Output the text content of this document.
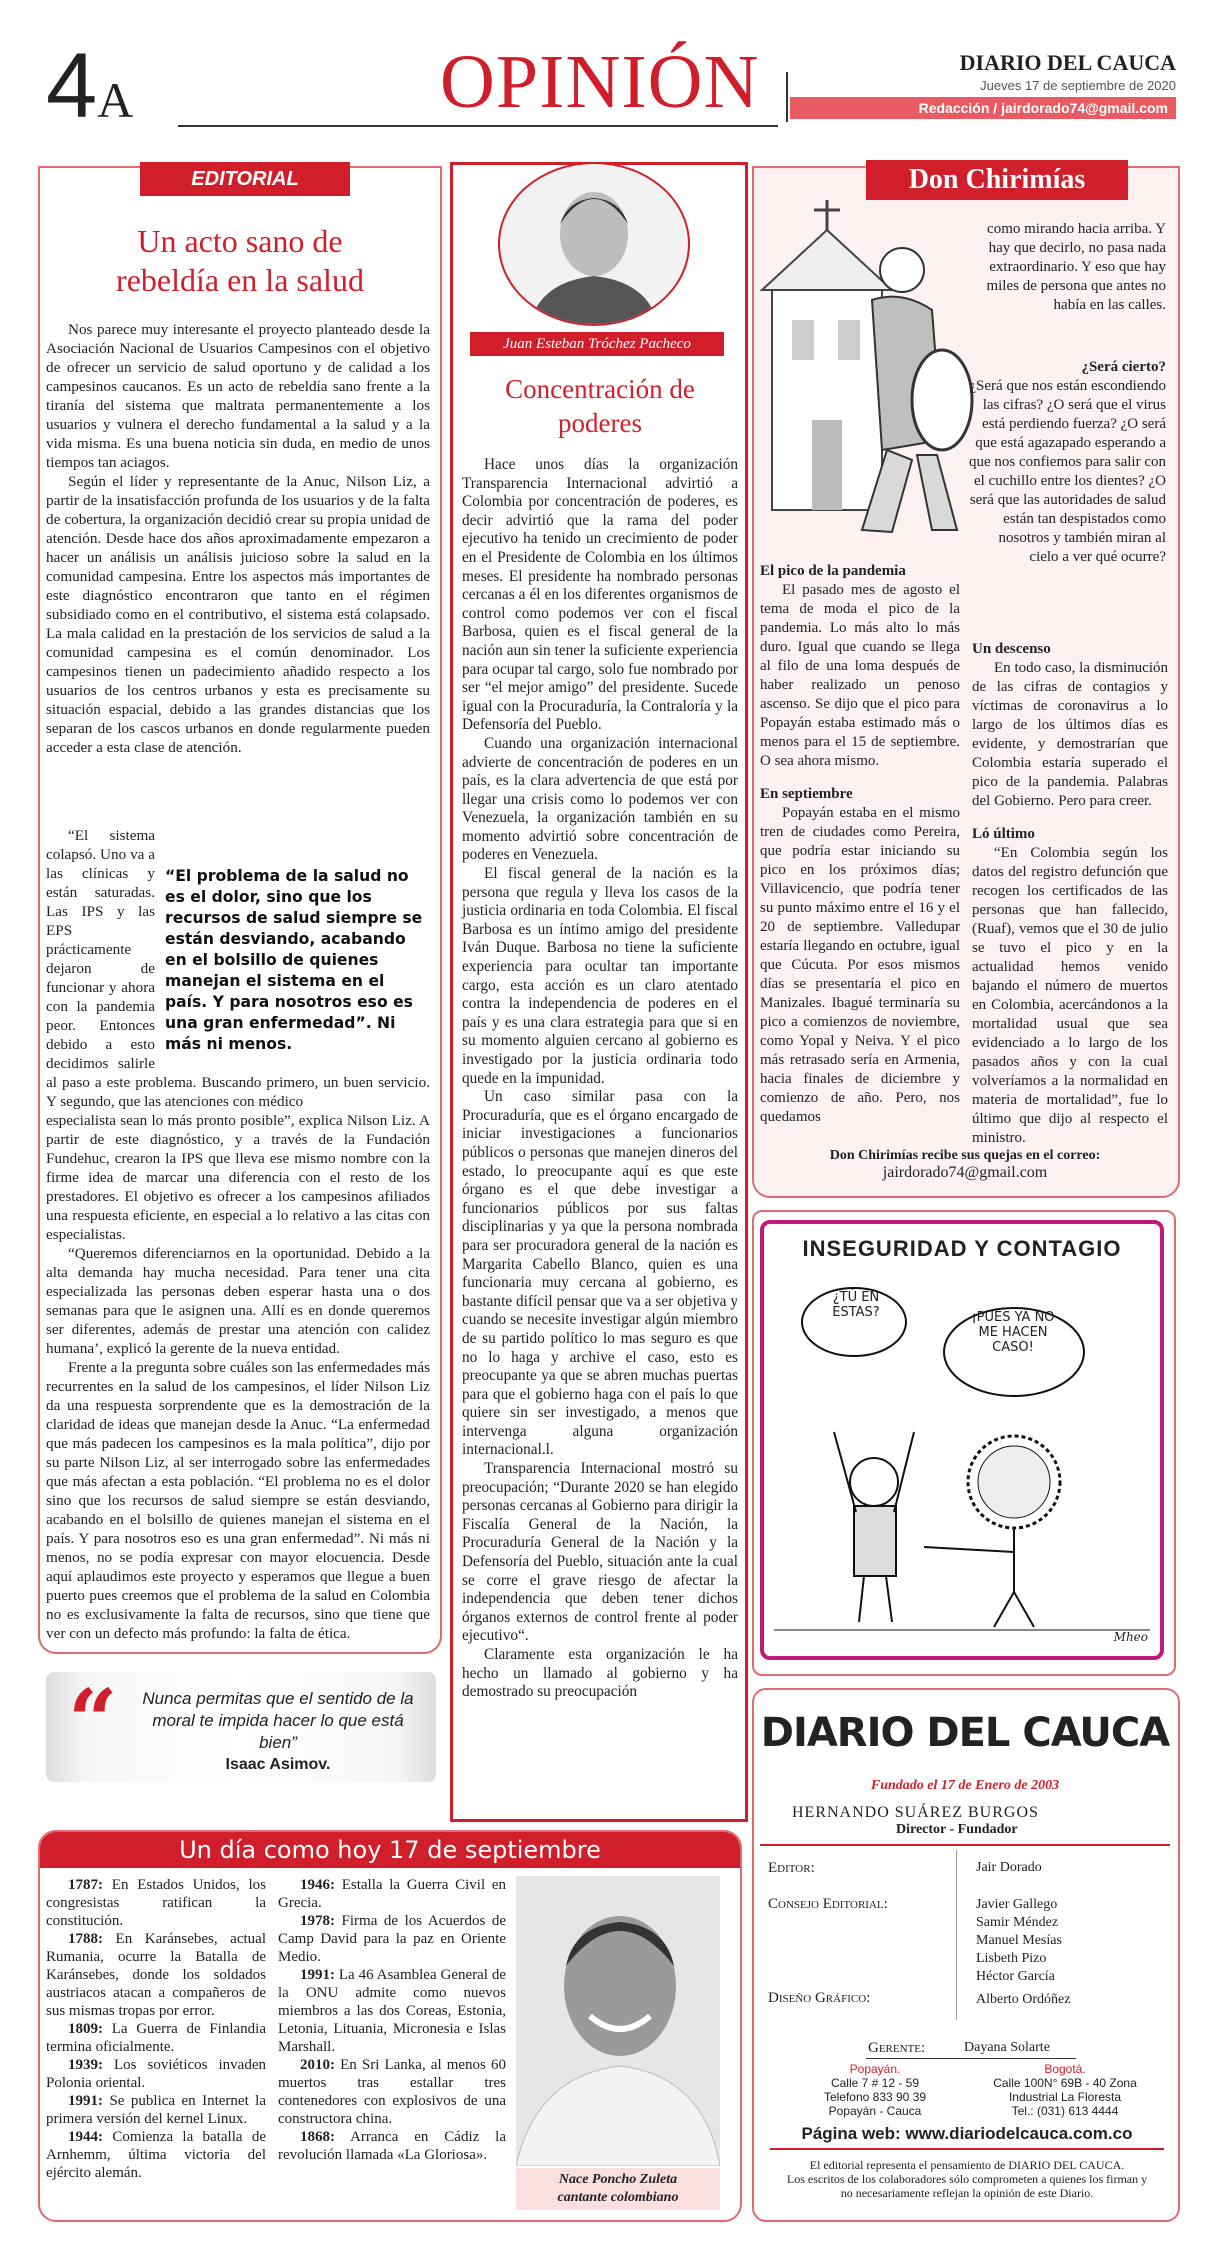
4A	OPINIÓN	DIARIO DEL CAUCA
Jueves 17 de septiembre de 2020
Redacción / jairdorado74@gmail.com
EDITORIAL
Un acto sano de rebeldía en la salud

Nos parece muy interesante el proyecto planteado desde la Asociación Nacional de Usuarios Campesinos con el objetivo de ofrecer un servicio de salud oportuno y de calidad a los campesinos caucanos. Es un acto de rebeldía sano frente a la tiranía del sistema que maltrata permanentemente a los usuarios y vulnera el derecho fundamental a la salud y a la vida misma. Es una buena noticia sin duda, en medio de unos tiempos tan aciagos.

Según el líder y representante de la Anuc, Nilson Liz, a partir de la insatisfacción profunda de los usuarios y de la falta de cobertura, la organización decidió crear su propia unidad de atención. Desde hace dos años aproximadamente empezaron a hacer un análisis un análisis juicioso sobre la salud en la comunidad campesina. Entre los aspectos más importantes de este diagnóstico encontraron que tanto en el régimen subsidiado como en el contributivo, el sistema está colapsado. La mala calidad en la prestación de los servicios de salud a la comunidad campesina es el común denominador. Los campesinos tienen un padecimiento añadido respecto a los usuarios de los centros urbanos y esta es precisamente su situación espacial, debido a las grandes distancias que los separan de los cascos urbanos en donde regularmente pueden acceder a esta clase de atención.

“El problema de la salud no es el dolor, sino que los recursos de salud siempre se están desviando, acabando en el bolsillo de quienes manejan el sistema en el país. Y para nosotros eso es una gran enfermedad”. Ni más ni menos.

“El sistema colapsó. Uno va a las clínicas y están saturadas. Las IPS y las EPS prácticamente dejaron de funcionar y ahora con la pandemia peor. Entonces debido a esto decidimos salirle al paso a este problema. Buscando primero, un buen servicio. Y segundo, que las atenciones con médico

especialista sean lo más pronto posible”, explica Nilson Liz. A partir de este diagnóstico, y a través de la Fundación Fundehuc, crearon la IPS que lleva ese mismo nombre con la firme idea de marcar una diferencia con el resto de los prestadores. El objetivo es ofrecer a los campesinos afiliados una respuesta eficiente, en especial a lo relativo a las citas con especialistas.

“Queremos diferenciarnos en la oportunidad. Debido a la alta demanda hay mucha necesidad. Para tener una cita especializada las personas deben esperar hasta una o dos semanas para que le asignen una. Allí es en donde queremos ser diferentes, además de prestar una atención con calidez humana’, explicó la gerente de la nueva entidad.

Frente a la pregunta sobre cuáles son las enfermedades más recurrentes en la salud de los campesinos, el líder Nilson Liz da una respuesta sorprendente que es la demostración de la claridad de ideas que manejan desde la Anuc. “La enfermedad que más padecen los campesinos es la mala política”, dijo por su parte Nilson Liz, al ser interrogado sobre las enfermedades que más afectan a esta población. “El problema no es el dolor sino que los recursos de salud siempre se están desviando, acabando en el bolsillo de quienes manejan el sistema en el país. Y para nosotros eso es una gran enfermedad”. Ni más ni menos, no se podía expresar con mayor elocuencia. Desde aquí aplaudimos este proyecto y esperamos que llegue a buen puerto pues creemos que el problema de la salud en Colombia no es exclusivamente la falta de recursos, sino que tiene que ver con un defecto más profundo: la falta de ética.

“ Nunca permitas que el sentido de la moral te impida hacer lo que está bien”
Isaac Asimov.
Juan Esteban Tróchez Pacheco
Concentración de poderes

Hace unos días la organización Transparencia Internacional advirtió a Colombia por concentración de poderes, es decir advirtió que la rama del poder ejecutivo ha tenido un crecimiento de poder en el Presidente de Colombia en los últimos meses. El presidente ha nombrado personas cercanas a él en los diferentes organismos de control como podemos ver con el fiscal Barbosa, quien es el fiscal general de la nación aun sin tener la suficiente experiencia para ocupar tal cargo, solo fue nombrado por ser “el mejor amigo” del presidente. Sucede igual con la Procuraduría, la Contraloría y la Defensoría del Pueblo.

Cuando una organización internacional advierte de concentración de poderes en un país, es la clara advertencia de que está por llegar una crisis como lo podemos ver con Venezuela, la organización también en su momento advirtió sobre concentración de poderes en Venezuela.

El fiscal general de la nación es la persona que regula y lleva los casos de la justicia ordinaria en toda Colombia. El fiscal Barbosa es un íntimo amigo del presidente Iván Duque. Barbosa no tiene la suficiente experiencia para ocultar tan importante cargo, esta acción es un claro atentado contra la independencia de poderes en el país y es una clara estrategia para que si en su momento alguien cercano al gobierno es investigado por la justicia ordinaria todo quede en la impunidad.

Un caso similar pasa con la Procuraduría, que es el órgano encargado de iniciar investigaciones a funcionarios públicos o personas que manejen dineros del estado, lo preocupante aquí es que este órgano es el que debe investigar a funcionarios públicos por sus faltas disciplinarias y ya que la persona nombrada para ser procuradora general de la nación es Margarita Cabello Blanco, quien es una funcionaria muy cercana al gobierno, es bastante difícil pensar que va a ser objetiva y cuando se necesite investigar algún miembro de su partido político lo mas seguro es que no lo haga y archive el caso, esto es preocupante ya que se abren muchas puertas para que el gobierno haga con el país lo que quiere sin ser investigado, a menos que intervenga alguna organización internacional.l.

Transparencia Internacional mostró su preocupación; “Durante 2020 se han elegido personas cercanas al Gobierno para dirigir la Fiscalía General de la Nación, la Procuraduría General de la Nación y la Defensoría del Pueblo, situación ante la cual se corre el grave riesgo de afectar la independencia que deben tener dichos órganos externos de control frente al poder ejecutivo“.

Claramente esta organización le ha hecho un llamado al gobierno y ha demostrado su preocupación

Don Chirimías
como mirando hacia arriba. Y hay que decirlo, no pasa nada extraordinario. Y eso que hay miles de persona que antes no había en las calles.
¿Será cierto?
¿Será que nos están escondiendo las cifras? ¿O será que el virus está perdiendo fuerza? ¿O será que está agazapado esperando a que nos confiemos para salir con el cuchillo entre los dientes? ¿O será que las autoridades de salud están tan despistados como nosotros y también miran al cielo a ver qué ocurre?
El pico de la pandemia

El pasado mes de agosto el tema de moda el pico de la pandemia. Lo más alto lo más duro. Igual que cuando se llega al filo de una loma después de haber realizado un penoso ascenso. Se dijo que el pico para Popayán estaba estimado más o menos para el 15 de septiembre. O sea ahora mismo.

En septiembre

Popayán estaba en el mismo tren de ciudades como Pereira, que podría estar iniciando su pico en los próximos días; Villavicencio, que podría tener su punto máximo entre el 16 y el 20 de septiembre. Valledupar estaría llegando en octubre, igual que Cúcuta. Por esos mismos días se presentaría el pico en Manizales. Ibagué terminaría su pico a comienzos de noviembre, como Yopal y Neiva. Y el pico más retrasado sería en Armenia, hacia finales de diciembre y comienzo de año. Pero, nos quedamos

Un descenso

En todo caso, la disminución de las cifras de contagios y víctimas de coronavirus a lo largo de los últimos días es evidente, y demostrarían que Colombia estaría superado el pico de la pandemia. Palabras del Gobierno. Pero para creer.

Ló último

“En Colombia según los datos del registro defunción que recogen los certificados de las personas que han fallecido, (Ruaf), vemos que el 30 de julio se tuvo el pico y en la actualidad hemos venido bajando el número de muertos en Colombia, acercándonos a la mortalidad usual que sea evidenciado a lo largo de los pasados años y con la cual volveríamos a la normalidad en materia de mortalidad”, fue lo último que dijo al respecto el ministro.

Don Chirimías recibe sus quejas en el correo:
jairdorado74@gmail.com
INSEGURIDAD Y CONTAGIO
¿TÚ EN ESTAS?	¡PUES YA NO ME HACEN CASO!
Mheo
DIARIO DEL CAUCA
Fundado el 17 de Enero de 2003
HERNANDO SUÁREZ BURGOS
Director - Fundador
Editor:	Jair Dorado
Consejo Editorial:	Javier Gallego
Samir Méndez
Manuel Mesías
Lisbeth Pizo
Héctor García
Diseño Gráfico:	Alberto Ordóñez
Gerente:	Dayana Solarte
Popayán.
Calle 7 # 12 - 59
Telefono 833 90 39
Popayán - Cauca
Bogotá.
Calle 100N° 69B - 40 Zona
Industrial La Floresta
Tel.: (031) 613 4444
Página web: www.diariodelcauca.com.co
El editorial representa el pensamiento de DIARIO DEL CAUCA.
Los escritos de los colaboradores sólo comprometen a quienes los firman y
no necesariamente reflejan la opinión de este Diario.
Un día como hoy 17 de septiembre

1787: En Estados Unidos, los congresistas ratifican la constitución.

1788: En Karánsebes, actual Rumania, ocurre la Batalla de Karánsebes, donde los soldados austriacos atacan a compañeros de sus mismas tropas por error.

1809: La Guerra de Finlandia termina oficialmente.

1939: Los soviéticos invaden Polonia oriental.

1991: Se publica en Internet la primera versión del kernel Linux.

1944: Comienza la batalla de Arnhemm, última victoria del ejército alemán.

1946: Estalla la Guerra Civil en Grecia.

1978: Firma de los Acuerdos de Camp David para la paz en Oriente Medio.

1991: La 46 Asamblea General de la ONU admite como nuevos miembros a las dos Coreas, Estonia, Letonia, Lituania, Micronesia e Islas Marshall.

2010: En Sri Lanka, al menos 60 muertos tras estallar tres contenedores con explosivos de una constructora china.

1868: Arranca en Cádiz la revolución llamada «La Gloriosa».

Nace Poncho Zuleta
cantante colombiano
